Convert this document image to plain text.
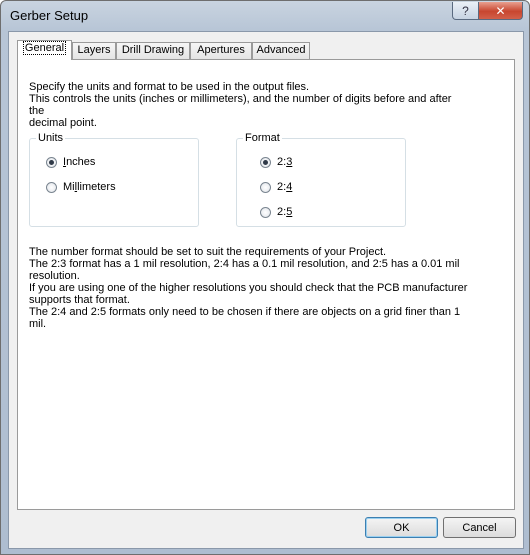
Gerber Setup	? ✕
General	Layers	Drill Drawing	Apertures	Advanced
Specify the units and format to be used in the output files.
This controls the units (inches or millimeters), and the number of digits before and after the
decimal point.
Units
Inches
Millimeters
Format
2:3
2:4
2:5
The number format should be set to suit the requirements of your Project.
The 2:3 format has a 1 mil resolution, 2:4 has a 0.1 mil resolution, and 2:5 has a 0.01 mil
resolution.
If you are using one of the higher resolutions you should check that the PCB manufacturer
supports that format.
The 2:4 and 2:5 formats only need to be chosen if there are objects on a grid finer than 1
mil.
OK	Cancel
